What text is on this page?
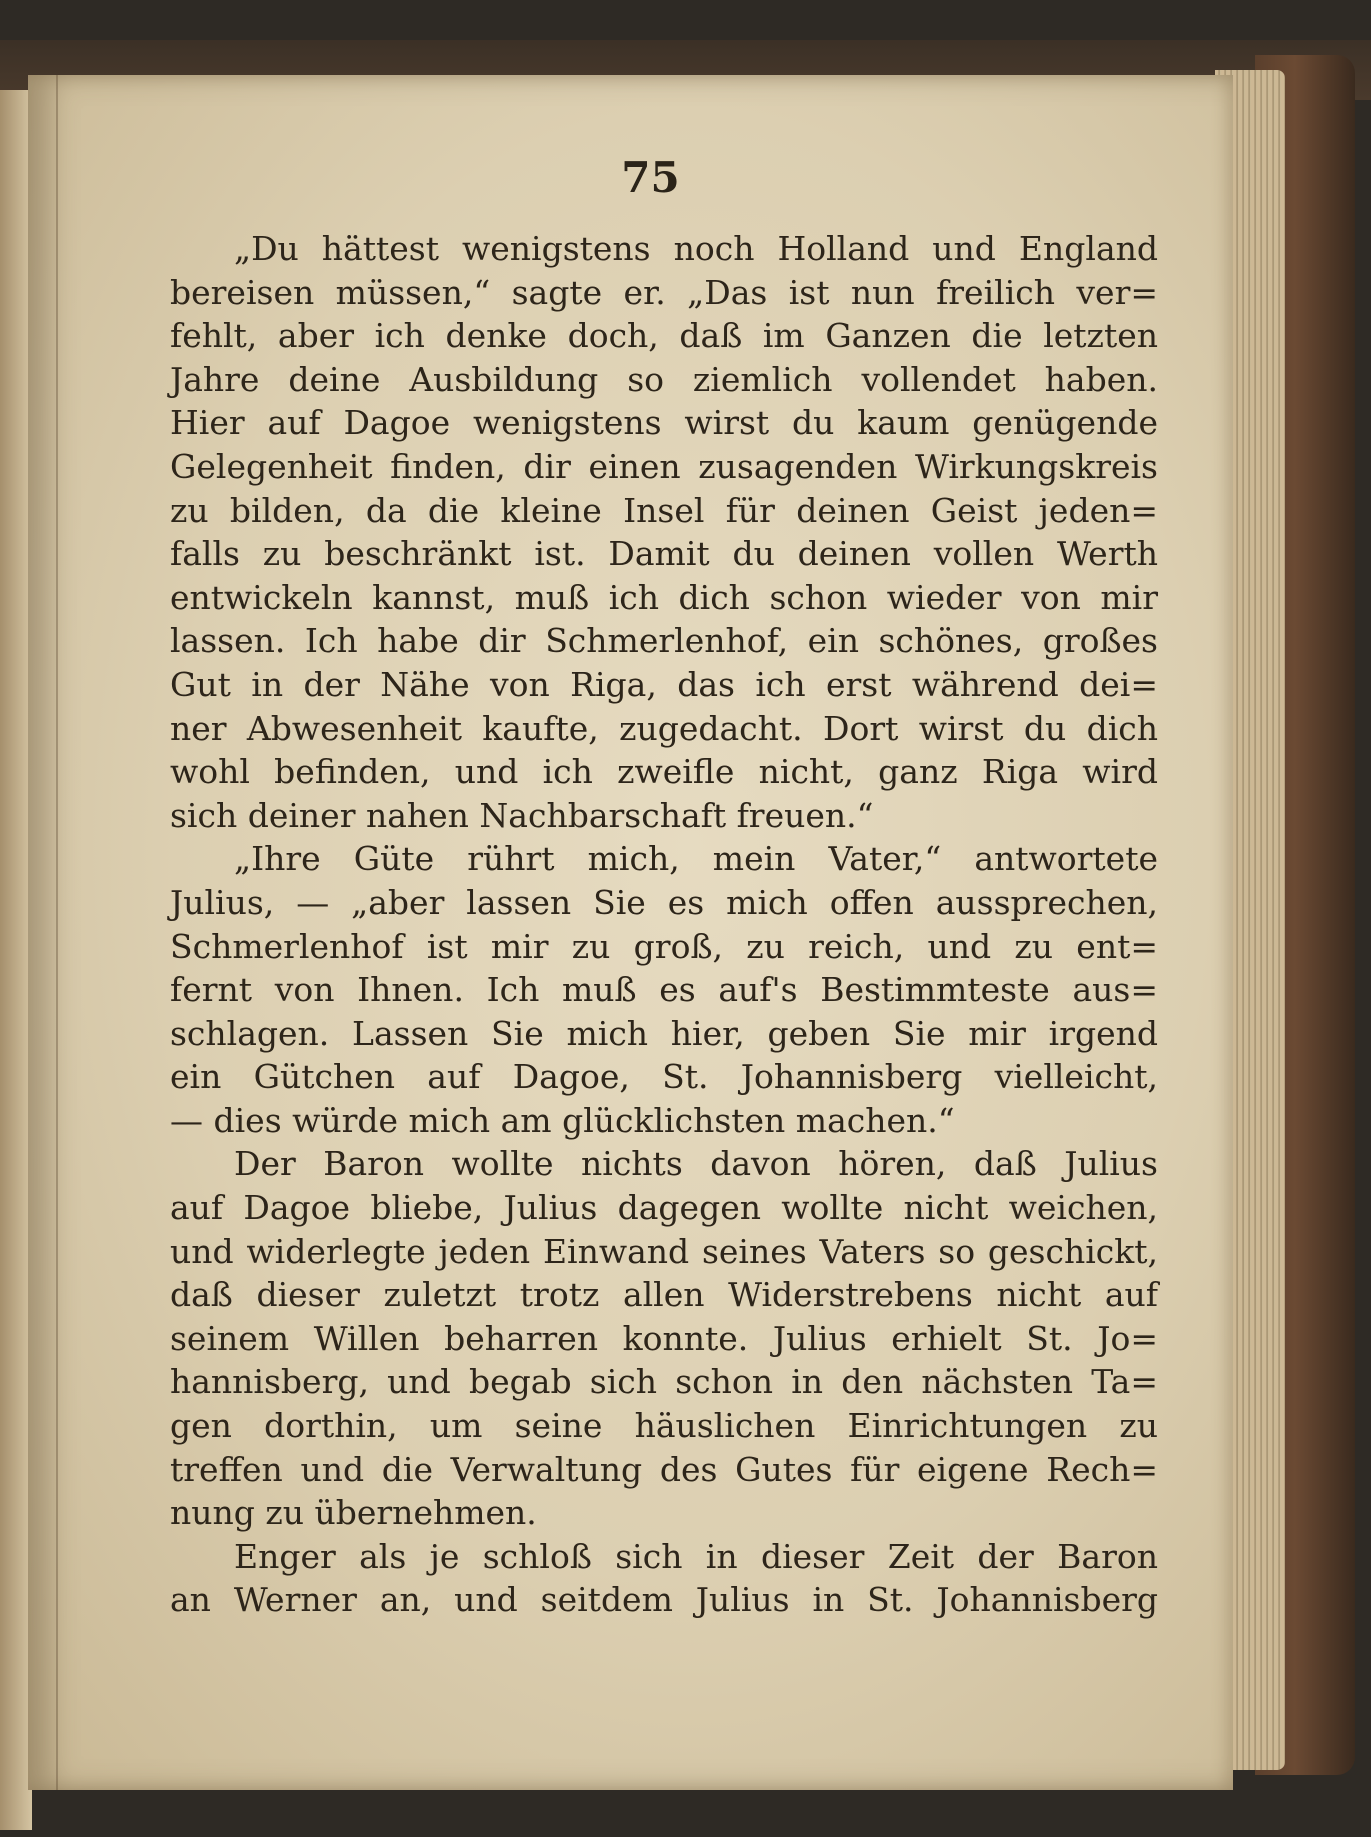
75
„Du hättest wenigstens noch Holland und England
bereisen müssen,“ sagte er. „Das ist nun freilich ver=
fehlt, aber ich denke doch, daß im Ganzen die letzten
Jahre deine Ausbildung so ziemlich vollendet haben.
Hier auf Dagoe wenigstens wirst du kaum genügende
Gelegenheit finden, dir einen zusagenden Wirkungskreis
zu bilden, da die kleine Insel für deinen Geist jeden=
falls zu beschränkt ist. Damit du deinen vollen Werth
entwickeln kannst, muß ich dich schon wieder von mir
lassen. Ich habe dir Schmerlenhof, ein schönes, großes
Gut in der Nähe von Riga, das ich erst während dei=
ner Abwesenheit kaufte, zugedacht. Dort wirst du dich
wohl befinden, und ich zweifle nicht, ganz Riga wird
sich deiner nahen Nachbarschaft freuen.“
„Ihre Güte rührt mich, mein Vater,“ antwortete
Julius, — „aber lassen Sie es mich offen aussprechen,
Schmerlenhof ist mir zu groß, zu reich, und zu ent=
fernt von Ihnen. Ich muß es auf's Bestimmteste aus=
schlagen. Lassen Sie mich hier, geben Sie mir irgend
ein Gütchen auf Dagoe, St. Johannisberg vielleicht,
— dies würde mich am glücklichsten machen.“
Der Baron wollte nichts davon hören, daß Julius
auf Dagoe bliebe, Julius dagegen wollte nicht weichen,
und widerlegte jeden Einwand seines Vaters so geschickt,
daß dieser zuletzt trotz allen Widerstrebens nicht auf
seinem Willen beharren konnte. Julius erhielt St. Jo=
hannisberg, und begab sich schon in den nächsten Ta=
gen dorthin, um seine häuslichen Einrichtungen zu
treffen und die Verwaltung des Gutes für eigene Rech=
nung zu übernehmen.
Enger als je schloß sich in dieser Zeit der Baron
an Werner an, und seitdem Julius in St. Johannisberg
